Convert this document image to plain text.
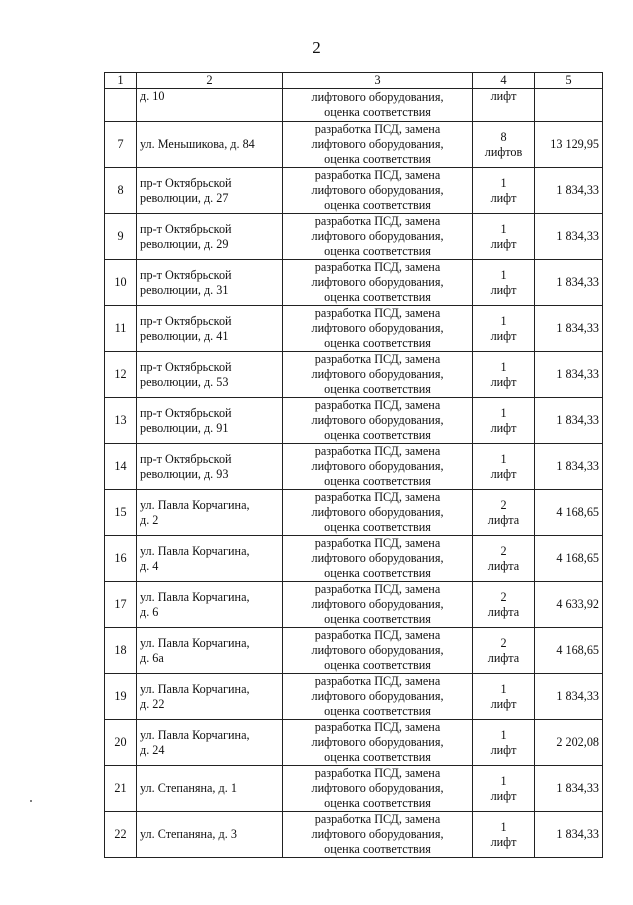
2
1	2	3	4	5
	д. 10	лифтового оборудования,
оценка соответствия	лифт	
7	ул. Меньшикова, д. 84	разработка ПСД, замена
лифтового оборудования,
оценка соответствия	8
лифтов	13 129,95
8	пр-т Октябрьской
революции, д. 27	разработка ПСД, замена
лифтового оборудования,
оценка соответствия	1
лифт	1 834,33
9	пр-т Октябрьской
революции, д. 29	разработка ПСД, замена
лифтового оборудования,
оценка соответствия	1
лифт	1 834,33
10	пр-т Октябрьской
революции, д. 31	разработка ПСД, замена
лифтового оборудования,
оценка соответствия	1
лифт	1 834,33
11	пр-т Октябрьской
революции, д. 41	разработка ПСД, замена
лифтового оборудования,
оценка соответствия	1
лифт	1 834,33
12	пр-т Октябрьской
революции, д. 53	разработка ПСД, замена
лифтового оборудования,
оценка соответствия	1
лифт	1 834,33
13	пр-т Октябрьской
революции, д. 91	разработка ПСД, замена
лифтового оборудования,
оценка соответствия	1
лифт	1 834,33
14	пр-т Октябрьской
революции, д. 93	разработка ПСД, замена
лифтового оборудования,
оценка соответствия	1
лифт	1 834,33
15	ул. Павла Корчагина,
д. 2	разработка ПСД, замена
лифтового оборудования,
оценка соответствия	2
лифта	4 168,65
16	ул. Павла Корчагина,
д. 4	разработка ПСД, замена
лифтового оборудования,
оценка соответствия	2
лифта	4 168,65
17	ул. Павла Корчагина,
д. 6	разработка ПСД, замена
лифтового оборудования,
оценка соответствия	2
лифта	4 633,92
18	ул. Павла Корчагина,
д. 6а	разработка ПСД, замена
лифтового оборудования,
оценка соответствия	2
лифта	4 168,65
19	ул. Павла Корчагина,
д. 22	разработка ПСД, замена
лифтового оборудования,
оценка соответствия	1
лифт	1 834,33
20	ул. Павла Корчагина,
д. 24	разработка ПСД, замена
лифтового оборудования,
оценка соответствия	1
лифт	2 202,08
21	ул. Степаняна, д. 1	разработка ПСД, замена
лифтового оборудования,
оценка соответствия	1
лифт	1 834,33
22	ул. Степаняна, д. 3	разработка ПСД, замена
лифтового оборудования,
оценка соответствия	1
лифт	1 834,33
